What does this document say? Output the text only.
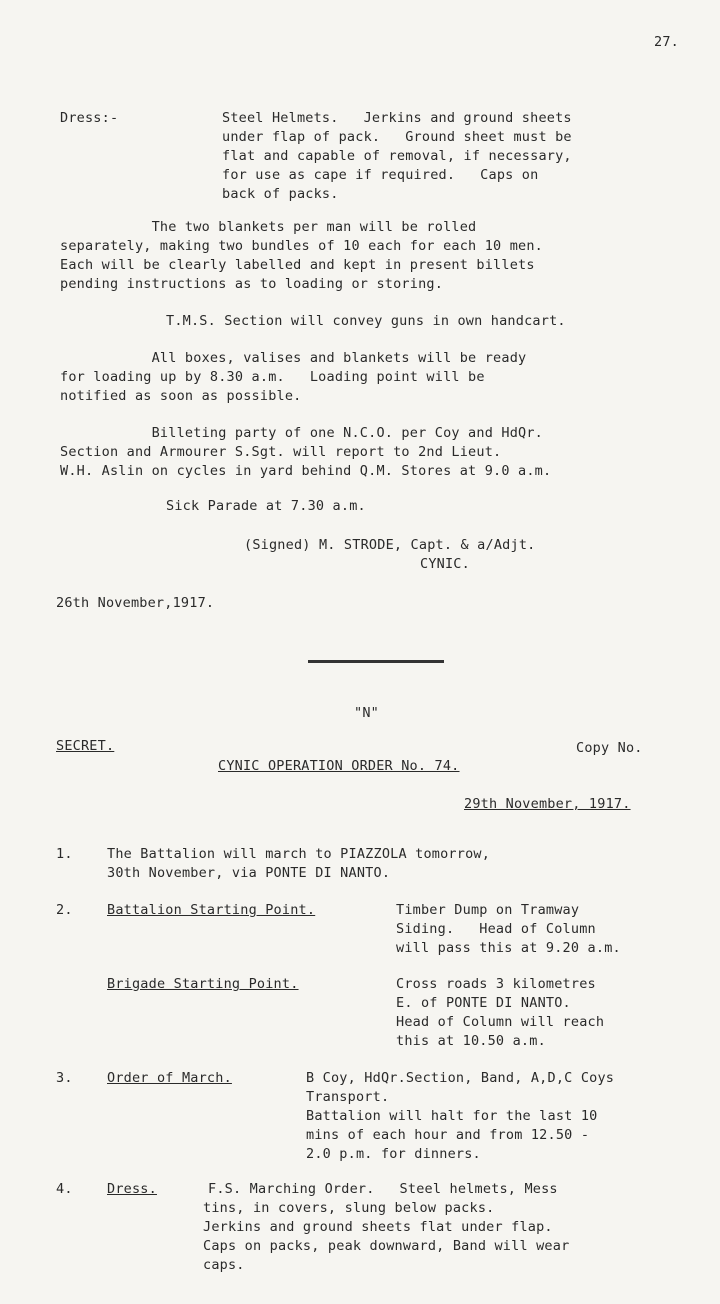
27.
Dress:-	Steel Helmets.   Jerkins and ground sheets
under flap of pack.   Ground sheet must be
flat and capable of removal, if necessary,
for use as cape if required.   Caps on
back of packs.
The two blankets per man will be rolled
separately, making two bundles of 10 each for each 10 men.
Each will be clearly labelled and kept in present billets
pending instructions as to loading or storing.
T.M.S. Section will convey guns in own handcart.
All boxes, valises and blankets will be ready
for loading up by 8.30 a.m.   Loading point will be
notified as soon as possible.
Billeting party of one N.C.O. per Coy and HdQr.
Section and Armourer S.Sgt. will report to 2nd Lieut.
W.H. Aslin on cycles in yard behind Q.M. Stores at 9.0 a.m.
Sick Parade at 7.30 a.m.
(Signed) M. STRODE, Capt. & a/Adjt.
CYNIC.
26th November,1917.
"N"
SECRET.	Copy No.
CYNIC OPERATION ORDER No. 74.
29th November, 1917.
1.	The Battalion will march to PIAZZOLA tomorrow,
30th November, via PONTE DI NANTO.
2.	Battalion Starting Point.	Timber Dump on Tramway
Siding.   Head of Column
will pass this at 9.20 a.m.
Brigade Starting Point.	Cross roads 3 kilometres
E. of PONTE DI NANTO.
Head of Column will reach
this at 10.50 a.m.
3.	Order of March.	B Coy, HdQr.Section, Band, A,D,C Coys
Transport.
Battalion will halt for the last 10
mins of each hour and from 12.50 -
2.0 p.m. for dinners.
4.	Dress.	F.S. Marching Order.   Steel helmets, Mess
tins, in covers, slung below packs.
Jerkins and ground sheets flat under flap.
Caps on packs, peak downward, Band will wear
caps.
